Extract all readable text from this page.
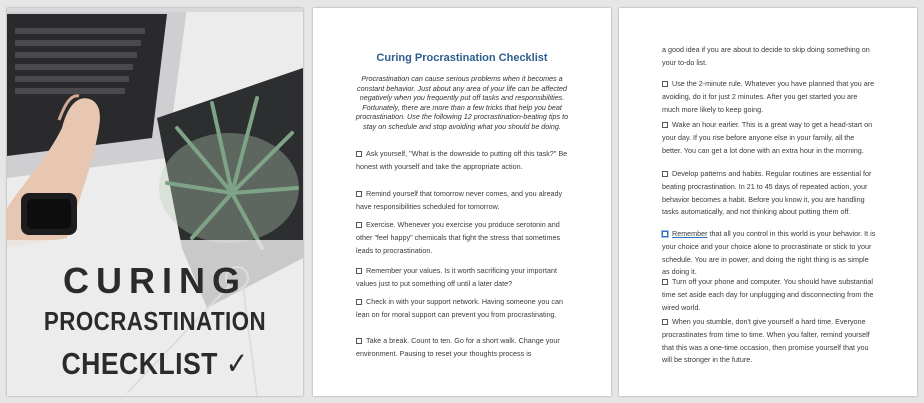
CURING
PROCRASTINATION
CHECKLIST ✓
Curing Procrastination Checklist

Procrastination can cause serious problems when it becomes a constant behavior. Just about any area of your life can be affected negatively when you frequently put off tasks and responsibilities. Fortunately, there are more than a few tricks that help you beat procrastination. Use the following 12 procrastination-beating tips to stay on schedule and stop avoiding what you should be doing.

Ask yourself, "What is the downside to putting off this task?" Be honest with yourself and take the appropriate action.

Remind yourself that tomorrow never comes, and you already have responsibilities scheduled for tomorrow.

Exercise. Whenever you exercise you produce serotonin and other "feel happy" chemicals that fight the stress that sometimes leads to procrastination.

Remember your values. Is it worth sacrificing your important values just to put something off until a later date?

Check in with your support network. Having someone you can lean on for moral support can prevent you from procrastinating.

Take a break. Count to ten. Go for a short walk. Change your environment. Pausing to reset your thoughts process is

a good idea if you are about to decide to skip doing something on your to-do list.

Use the 2-minute rule. Whatever you have planned that you are avoiding, do it for just 2 minutes. After you get started you are much more likely to keep going.

Wake an hour earlier. This is a great way to get a head-start on your day. If you rise before anyone else in your family, all the better. You can get a lot done with an extra hour in the morning.

Develop patterns and habits. Regular routines are essential for beating procrastination. In 21 to 45 days of repeated action, your behavior becomes a habit. Before you know it, you are handling tasks automatically, and not thinking about putting them off.

Remember that all you control in this world is your behavior. It is your choice and your choice alone to procrastinate or stick to your schedule. You are in power, and doing the right thing is as simple as doing it.

Turn off your phone and computer. You should have substantial time set aside each day for unplugging and disconnecting from the wired world.

When you stumble, don't give yourself a hard time. Everyone procrastinates from time to time. When you falter, remind yourself that this was a one-time occasion, then promise yourself that you will be stronger in the future.
